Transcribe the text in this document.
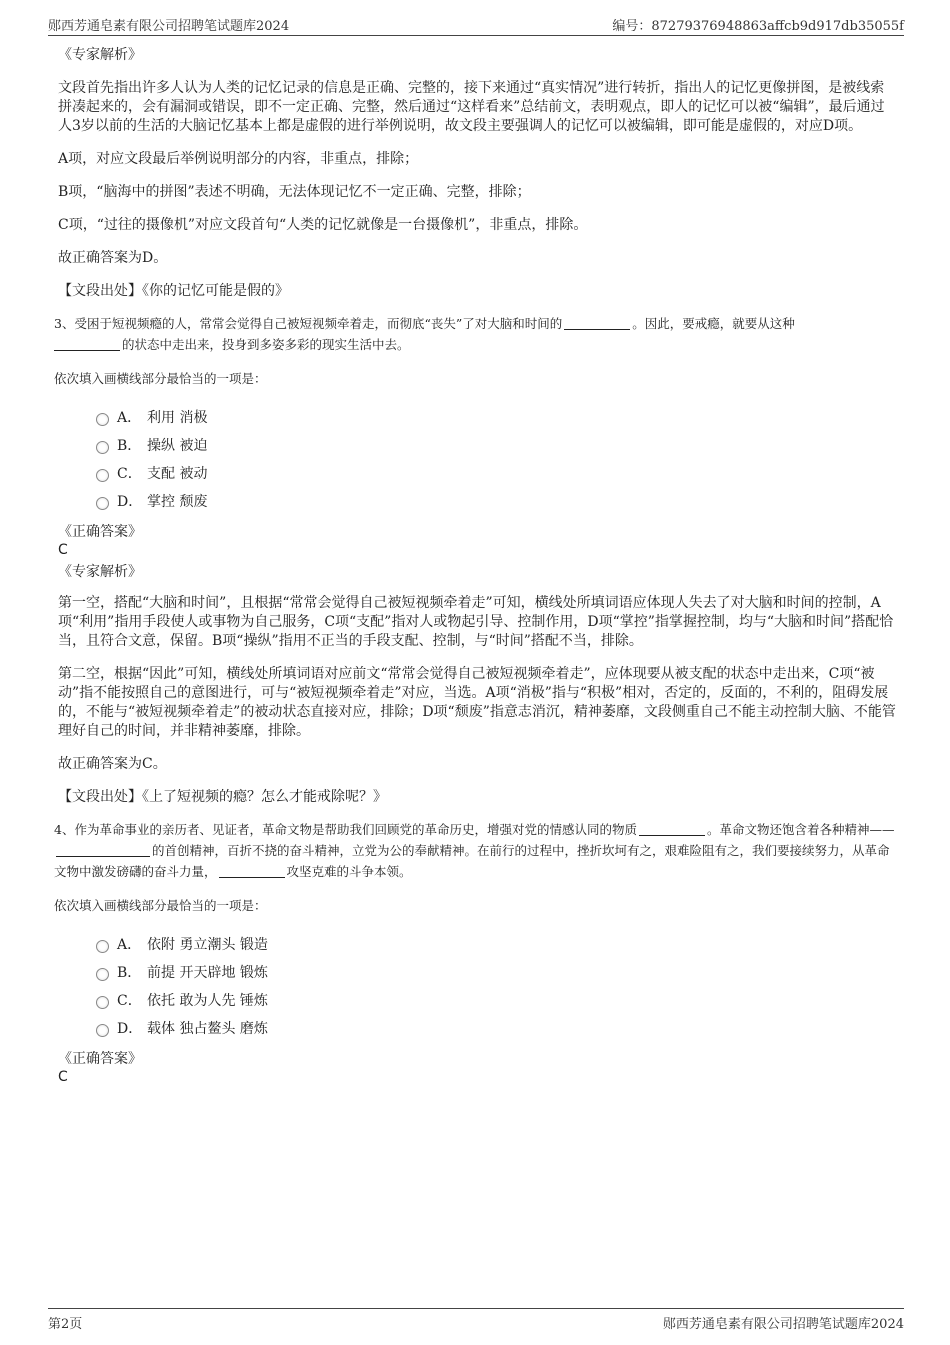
郧西芳通皂素有限公司招聘笔试题库2024	编号：87279376948863affcb9d917db35055f
《专家解析》
文段首先指出许多人认为人类的记忆记录的信息是正确、完整的，接下来通过“真实情况”进行转折，指出人的记忆更像拼图，是被线索拼凑起来的，会有漏洞或错误，即不一定正确、完整，然后通过“这样看来”总结前文，表明观点，即人的记忆可以被“编辑”，最后通过人3岁以前的生活的大脑记忆基本上都是虚假的进行举例说明，故文段主要强调人的记忆可以被编辑，即可能是虚假的，对应D项。
A项，对应文段最后举例说明部分的内容，非重点，排除；
B项，“脑海中的拼图”表述不明确，无法体现记忆不一定正确、完整，排除；
C项，“过往的摄像机”对应文段首句“人类的记忆就像是一台摄像机”，非重点，排除。
故正确答案为D。
【文段出处】《你的记忆可能是假的》
3、受困于短视频瘾的人，常常会觉得自己被短视频牵着走，而彻底“丧失”了对大脑和时间的	。因此，要戒瘾，就要从这种
的状态中走出来，投身到多姿多彩的现实生活中去。
依次填入画横线部分最恰当的一项是：
A． 利用 消极
B． 操纵 被迫
C． 支配 被动
D． 掌控 颓废
《正确答案》
C
《专家解析》
第一空，搭配“大脑和时间”，且根据“常常会觉得自己被短视频牵着走”可知，横线处所填词语应体现人失去了对大脑和时间的控制，A项“利用”指用手段使人或事物为自己服务，C项“支配”指对人或物起引导、控制作用，D项“掌控”指掌握控制，均与“大脑和时间”搭配恰当，且符合文意，保留。B项“操纵”指用不正当的手段支配、控制，与“时间”搭配不当，排除。
第二空，根据“因此”可知，横线处所填词语对应前文“常常会觉得自己被短视频牵着走”，应体现要从被支配的状态中走出来，C项“被动”指不能按照自己的意图进行，可与“被短视频牵着走”对应，当选。A项“消极”指与“积极”相对，否定的，反面的，不利的，阻碍发展的，不能与“被短视频牵着走”的被动状态直接对应，排除；D项“颓废”指意志消沉，精神萎靡，文段侧重自己不能主动控制大脑、不能管理好自己的时间，并非精神萎靡，排除。
故正确答案为C。
【文段出处】《上了短视频的瘾？怎么才能戒除呢？》
4、作为革命事业的亲历者、见证者，革命文物是帮助我们回顾党的革命历史，增强对党的情感认同的物质	。革命文物还饱含着各种精神——的首创精神，百折不挠的奋斗精神，立党为公的奉献精神。在前行的过程中，挫折坎坷有之，艰难险阻有之，我们要接续努力，从革命文物中激发磅礴的奋斗力量，	攻坚克难的斗争本领。
依次填入画横线部分最恰当的一项是：
A． 依附 勇立潮头 锻造
B． 前提 开天辟地 锻炼
C． 依托 敢为人先 锤炼
D． 载体 独占鳌头 磨炼
《正确答案》
C
第2页	郧西芳通皂素有限公司招聘笔试题库2024
